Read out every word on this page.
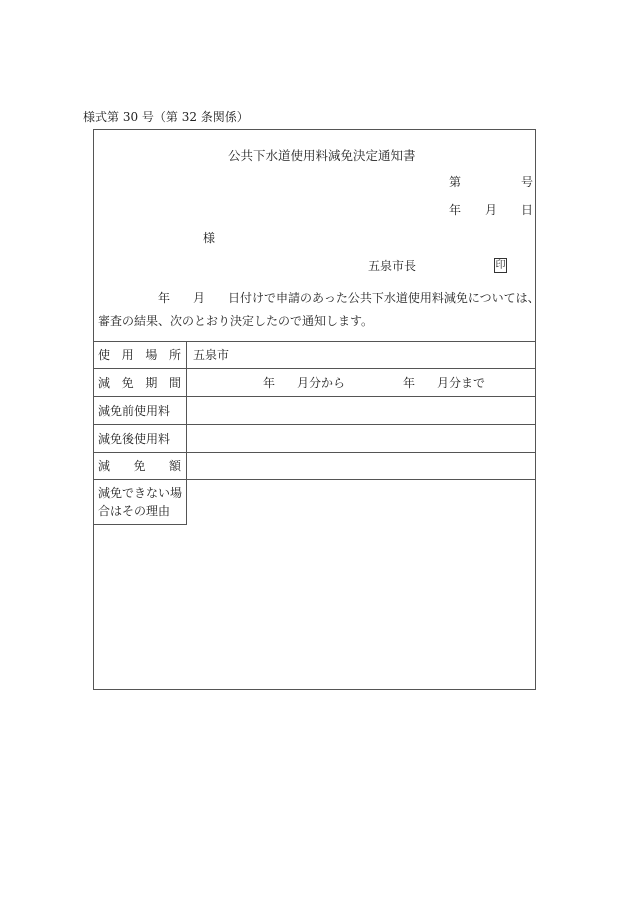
様式第 30 号（第 32 条関係）
公共下水道使用料減免決定通知書
第	号
年 月 日
様
五泉市長	印
年 月 日付けで申請のあった公共下水道使用料減免については、
審査の結果、次のとおり決定したので通知します。
使 用 場 所 五泉市
減 免 期 間	年 月分から	年 月分まで
減免前使用料
減免後使用料
減 免 額
減免できない場
合はその理由
